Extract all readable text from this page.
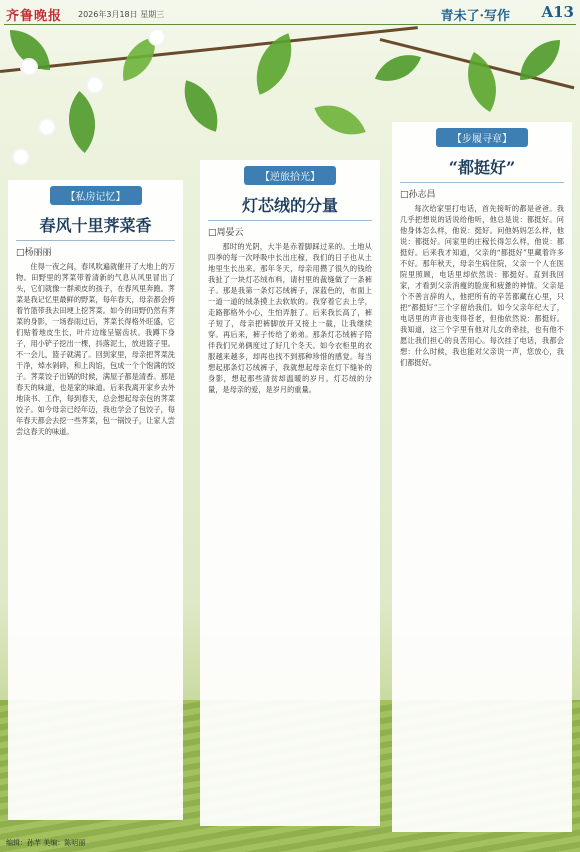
齐鲁晚报 2026年3月18日 星期三	青未了·写作 A13
【私房记忆】
春风十里荠菜香
□杨丽丽
住得一夜之间，春风吹遍就催开了大地上的万物。田野里的荠菜带着清新的气息从风里冒出了头，它们就像一群顽皮的孩子，在春风里奔跑。荠菜是我记忆里最鲜的野菜，每年春天，母亲都会挎着竹篮带我去田埂上挖荠菜。如今的田野仍然有荠菜的身影，一场春雨过后，荠菜长得格外旺盛，它们贴着地皮生长，叶片边缘呈锯齿状。我蹲下身子，用小铲子挖出一棵，抖落泥土，放进篮子里。不一会儿，篮子就满了。回到家里，母亲把荠菜洗干净，焯水剁碎，和上肉馅，包成一个个饱满的饺子。荠菜饺子出锅的时候，满屋子都是清香。那是春天的味道，也是家的味道。后来我离开家乡去外地读书、工作，每到春天，总会想起母亲包的荠菜饺子。如今母亲已经年迈，我也学会了包饺子，每年春天都会去挖一些荠菜，包一锅饺子，让家人尝尝这春天的味道。
【逆旅拾光】
灯芯绒的分量
□周晏云
那时的光阴，大半是赤着脚踩过来的。土地从四季的每一次呼吸中长出庄稼，我们的日子也从土地里生长出来。那年冬天，母亲用攒了很久的钱给我扯了一块灯芯绒布料，请村里的裁缝做了一条裤子。那是我第一条灯芯绒裤子，深蓝色的，布面上一道一道的绒条摸上去软软的。我穿着它去上学，走路都格外小心，生怕弄脏了。后来我长高了，裤子短了，母亲把裤脚放开又接上一截，让我继续穿。再后来，裤子传给了弟弟。那条灯芯绒裤子陪伴我们兄弟俩度过了好几个冬天。如今衣柜里的衣服越来越多，却再也找不到那种珍惜的感觉。每当想起那条灯芯绒裤子，我就想起母亲在灯下缝补的身影，想起那些清贫却温暖的岁月。灯芯绒的分量，是母亲的爱，是岁月的重量。
【步履寻章】
“都挺好”
□孙志昌
每次给家里打电话，首先接听的都是爸爸。我几乎把想说的话说给他听，他总是说：都挺好。问他身体怎么样，他说：挺好。问他妈妈怎么样，他说：都挺好。问家里的庄稼长得怎么样，他说：都挺好。后来我才知道，父亲的“都挺好”里藏着许多不好。那年秋天，母亲生病住院，父亲一个人在医院里照顾，电话里却依然说：都挺好。直到我回家，才看到父亲消瘦的脸庞和疲惫的神情。父亲是个不善言辞的人，他把所有的辛苦都藏在心里，只把“都挺好”三个字留给我们。如今父亲年纪大了，电话里的声音也变得苍老，但他依然说：都挺好。我知道，这三个字里有他对儿女的牵挂，也有他不愿让我们担心的良苦用心。每次挂了电话，我都会想：什么时候，我也能对父亲说一声，您放心，我们都挺好。
编辑：孙芊 美编：陈明丽
